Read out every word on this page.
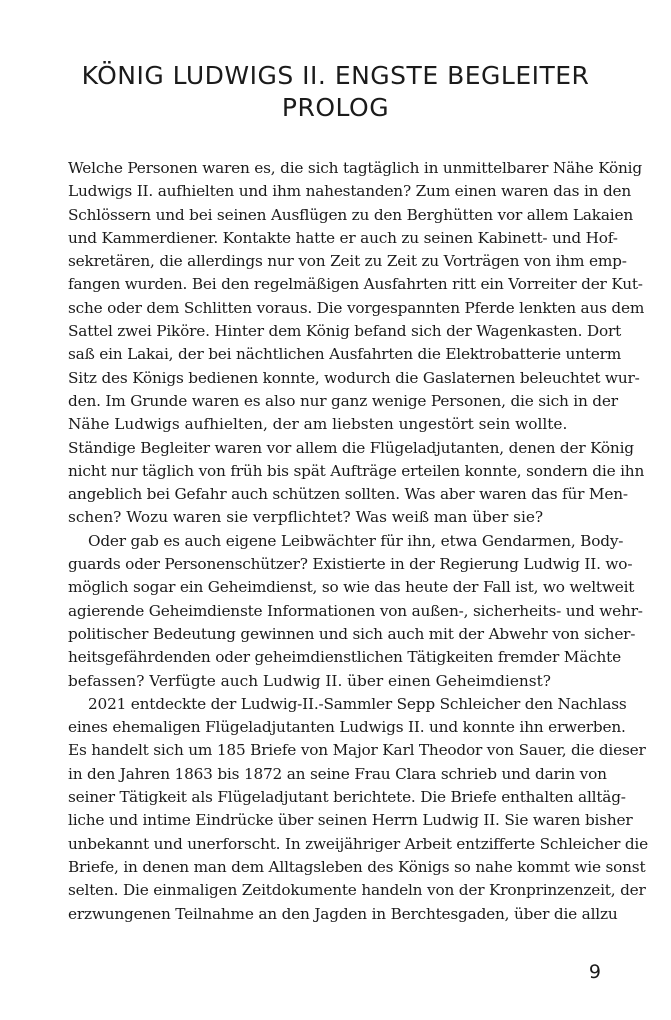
KÖNIG LUDWIGS II. ENGSTE BEGLEITER
PROLOG
Welche Personen waren es, die sich tagtäglich in unmittelbarer Nähe König
Ludwigs II. aufhielten und ihm nahestanden? Zum einen waren das in den
Schlössern und bei seinen Ausflügen zu den Berghütten vor allem Lakaien
und Kammerdiener. Kontakte hatte er auch zu seinen Kabinett- und Hof-
sekretären, die allerdings nur von Zeit zu Zeit zu Vorträgen von ihm emp-
fangen wurden. Bei den regelmäßigen Ausfahrten ritt ein Vorreiter der Kut-
sche oder dem Schlitten voraus. Die vorgespannten Pferde lenkten aus dem
Sattel zwei Piköre. Hinter dem König befand sich der Wagenkasten. Dort
saß ein Lakai, der bei nächtlichen Ausfahrten die Elektrobatterie unterm
Sitz des Königs bedienen konnte, wodurch die Gaslaternen beleuchtet wur-
den. Im Grunde waren es also nur ganz wenige Personen, die sich in der
Nähe Ludwigs aufhielten, der am liebsten ungestört sein wollte.
Ständige Begleiter waren vor allem die Flügeladjutanten, denen der König
nicht nur täglich von früh bis spät Aufträge erteilen konnte, sondern die ihn
angeblich bei Gefahr auch schützen sollten. Was aber waren das für Men-
schen? Wozu waren sie verpflichtet? Was weiß man über sie?
Oder gab es auch eigene Leibwächter für ihn, etwa Gendarmen, Body-
guards oder Personenschützer? Existierte in der Regierung Ludwig II. wo-
möglich sogar ein Geheimdienst, so wie das heute der Fall ist, wo weltweit
agierende Geheimdienste Informationen von außen-, sicherheits- und wehr-
politischer Bedeutung gewinnen und sich auch mit der Abwehr von sicher-
heitsgefährdenden oder geheimdienstlichen Tätigkeiten fremder Mächte
befassen? Verfügte auch Ludwig II. über einen Geheimdienst?
2021 entdeckte der Ludwig-II.-Sammler Sepp Schleicher den Nachlass
eines ehemaligen Flügeladjutanten Ludwigs II. und konnte ihn erwerben.
Es handelt sich um 185 Briefe von Major Karl Theodor von Sauer, die dieser
in den Jahren 1863 bis 1872 an seine Frau Clara schrieb und darin von
seiner Tätigkeit als Flügeladjutant berichtete. Die Briefe enthalten alltäg-
liche und intime Eindrücke über seinen Herrn Ludwig II. Sie waren bisher
unbekannt und unerforscht. In zweijähriger Arbeit entzifferte Schleicher die
Briefe, in denen man dem Alltagsleben des Königs so nahe kommt wie sonst
selten. Die einmaligen Zeitdokumente handeln von der Kronprinzenzeit, der
erzwungenen Teilnahme an den Jagden in Berchtesgaden, über die allzu
9
